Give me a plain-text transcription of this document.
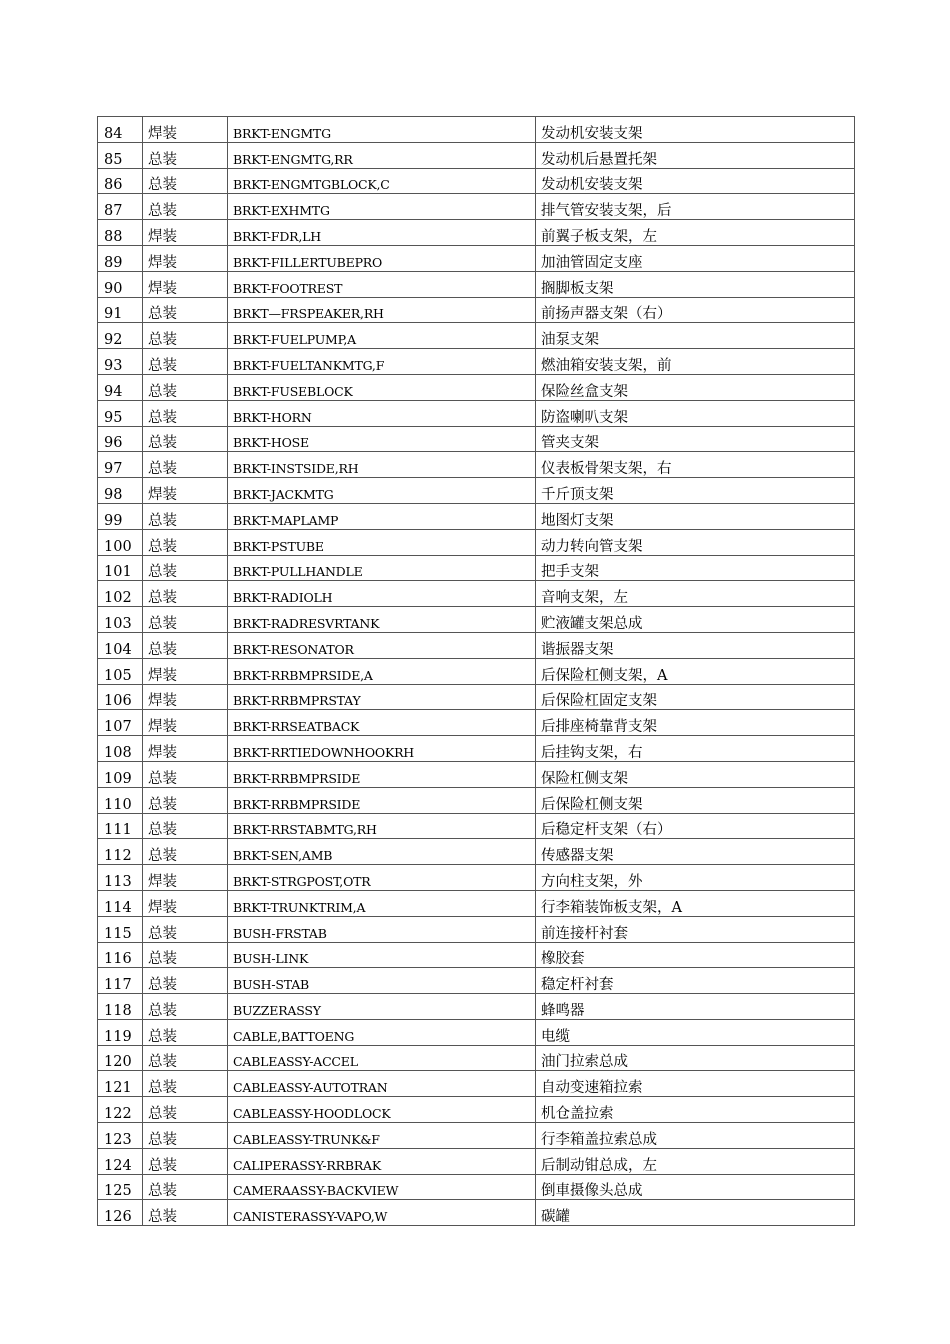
84	焊装	BRKT-ENGMTG	发动机安装支架
85	总装	BRKT-ENGMTG,RR	发动机后悬置托架
86	总装	BRKT-ENGMTGBLOCK,C	发动机安装支架
87	总装	BRKT-EXHMTG	排气管安装支架，后
88	焊装	BRKT-FDR,LH	前翼子板支架，左
89	焊装	BRKT-FILLERTUBEPRO	加油管固定支座
90	焊装	BRKT-FOOTREST	搁脚板支架
91	总装	BRKT—FRSPEAKER,RH	前扬声器支架（右）
92	总装	BRKT-FUELPUMP,A	油泵支架
93	总装	BRKT-FUELTANKMTG,F	燃油箱安装支架，前
94	总装	BRKT-FUSEBLOCK	保险丝盒支架
95	总装	BRKT-HORN	防盗喇叭支架
96	总装	BRKT-HOSE	管夹支架
97	总装	BRKT-INSTSIDE,RH	仪表板骨架支架，右
98	焊装	BRKT-JACKMTG	千斤顶支架
99	总装	BRKT-MAPLAMP	地图灯支架
100	总装	BRKT-PSTUBE	动力转向管支架
101	总装	BRKT-PULLHANDLE	把手支架
102	总装	BRKT-RADIOLH	音响支架，左
103	总装	BRKT-RADRESVRTANK	贮液罐支架总成
104	总装	BRKT-RESONATOR	谐振器支架
105	焊装	BRKT-RRBMPRSIDE,A	后保险杠侧支架，A
106	焊装	BRKT-RRBMPRSTAY	后保险杠固定支架
107	焊装	BRKT-RRSEATBACK	后排座椅靠背支架
108	焊装	BRKT-RRTIEDOWNHOOKRH	后挂钩支架，右
109	总装	BRKT-RRBMPRSIDE	保险杠侧支架
110	总装	BRKT-RRBMPRSIDE	后保险杠侧支架
111	总装	BRKT-RRSTABMTG,RH	后稳定杆支架（右）
112	总装	BRKT-SEN,AMB	传感器支架
113	焊装	BRKT-STRGPOST,OTR	方向柱支架，外
114	焊装	BRKT-TRUNKTRIM,A	行李箱装饰板支架，A
115	总装	BUSH-FRSTAB	前连接杆衬套
116	总装	BUSH-LINK	橡胶套
117	总装	BUSH-STAB	稳定杆衬套
118	总装	BUZZERASSY	蜂鸣器
119	总装	CABLE,BATTOENG	电缆
120	总装	CABLEASSY-ACCEL	油门拉索总成
121	总装	CABLEASSY-AUTOTRAN	自动变速箱拉索
122	总装	CABLEASSY-HOODLOCK	机仓盖拉索
123	总装	CABLEASSY-TRUNK&F	行李箱盖拉索总成
124	总装	CALIPERASSY-RRBRAK	后制动钳总成，左
125	总装	CAMERAASSY-BACKVIEW	倒車摄像头总成
126	总装	CANISTERASSY-VAPO,W	碳罐
